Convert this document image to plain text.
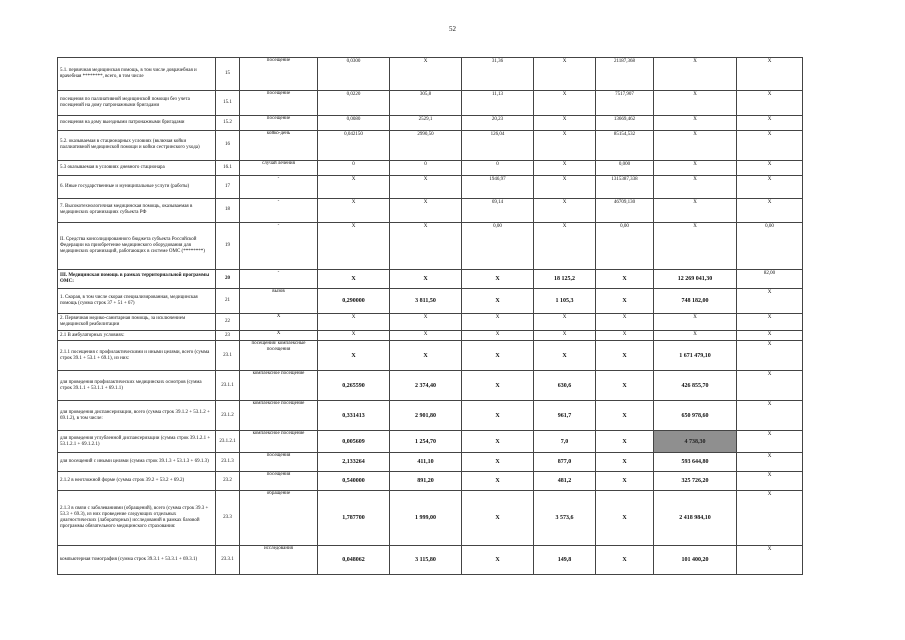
52
5.1. первичная медицинская помощь, в том числе доврачебная и врачебная ********, всего, в том числе	15	посещение	0,0300	X	31,36	X	21187,368	X	X
посещения по паллиативной медицинской помощи без учета посещений на дому патронажными бригадами	15.1	посещение	0,0220	305,8	11,13	X	7517,907	X	X
посещения на дому выездными патронажными бригадами	15.2	посещение	0,0080	2529,1	20,23	X	13669,462	X	X
5.2. оказываемая в стационарных условиях (включая койки паллиативной медицинской помощи и койки сестринского ухода)	16	койко-день	0,042150	2990,50	126,04	X	85154,532	X	X
5.3 оказываемая в условиях дневного стационара	16.1	случай лечения	0	0	0	X	0,000	X	X
6. Иные государственные и муниципальные услуги (работы)	17	-	X	X	1946,97	X	1315387,338	X	X
7. Высокотехнологичная медицинская помощь, оказываемая в медицинских организациях субъекта РФ	18	-	X	X	69,14	X	46709,130	X	X
II. Средства консолидированного бюджета субъекта Российской Федерации на приобретение медицинского оборудования для медицинских организаций, работающих в системе ОМС (********)	19	-	X	X	0,00	X	0,00	X	0,00
III. Медицинская помощь в рамках территориальной программы ОМС:	20	-	X	X	X	18 125,2	X	12 269 041,30	82,00
1. Скорая, в том числе скорая специализированная, медицинская помощь (сумма строк 37 + 51 + 67)	21	вызов	0,290000	3 811,50	X	1 105,3	X	748 182,00	X
2. Первичная медико-санитарная помощь, за исключением медицинской реабилитации	22	X	X	X	X	X	X	X	X
2.1 В амбулаторных условиях:	23	X	X	X	X	X	X	X	X
2.1.1 посещения с профилактическими и иными целями, всего (сумма строк 39.1 + 53.1 + 69.1), из них:	23.1	посещения/ комплексные посещения	X	X	X	X	X	1 671 479,10	X
для проведения профилактических медицинских осмотров (сумма строк 39.1.1 + 53.1.1 + 69.1.1)	23.1.1	комплексное посещение	0,265590	2 374,40	X	630,6	X	426 855,70	X
для проведения диспансеризации, всего (сумма строк 39.1.2 + 53.1.2 + 69.1.2), в том числе:	23.1.2	комплексное посещение	0,331413	2 901,80	X	961,7	X	650 978,60	X
для проведения углубленной диспансеризации (сумма строк 39.1.2.1 + 53.1.2.1 + 69.1.2.1)	23.1.2.1	комплексное посещение	0,005609	1 254,70	X	7,0	X	4 738,30	X
для посещений с иными целями (сумма строк 39.1.3 + 53.1.3 + 69.1.3)	23.1.3	посещения	2,133264	411,10	X	877,0	X	593 644,80	X
2.1.2 в неотложной форме (сумма строк 39.2 + 53.2 + 69.2)	23.2	посещения	0,540000	891,20	X	481,2	X	325 726,20	X
2.1.3 в связи с заболеваниями (обращений), всего (сумма строк 39.3 + 53.3 + 69.3), из них проведение следующих отдельных диагностических (лабораторных) исследований в рамках базовой программы обязательного медицинского страхования:	23.3	обращение	1,787700	1 999,00	X	3 573,6	X	2 418 984,10	X
компьютерная томография (сумма строк 39.3.1 + 53.3.1 + 69.3.1)	23.3.1	исследования	0,048062	3 115,80	X	149,8	X	101 400,20	X
